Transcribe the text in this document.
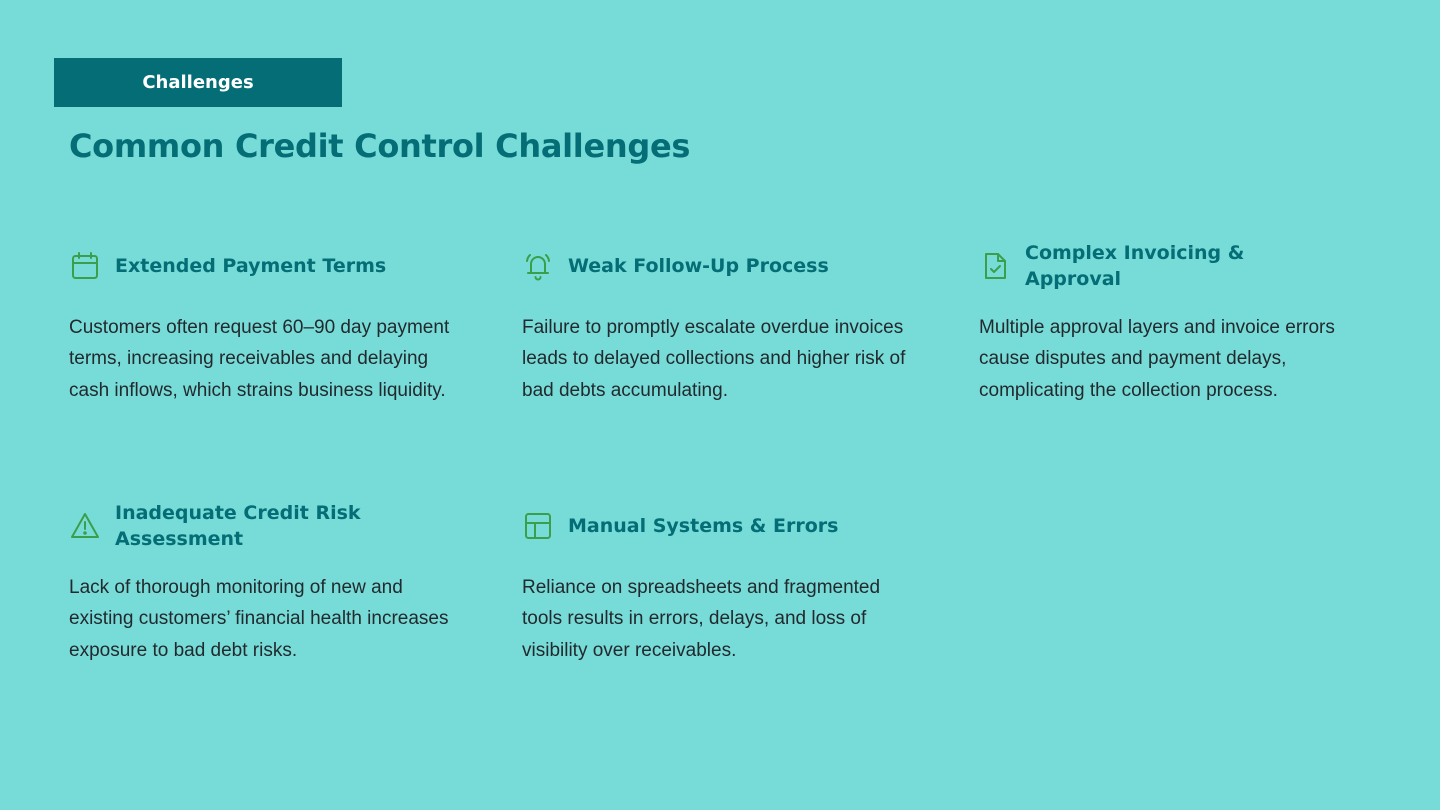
Challenges
Common Credit Control Challenges
Extended Payment Terms
Customers often request 60–90 day payment terms, increasing receivables and delaying cash inflows, which strains business liquidity.
Weak Follow-Up Process
Failure to promptly escalate overdue invoices leads to delayed collections and higher risk of bad debts accumulating.
Complex Invoicing & Approval
Multiple approval layers and invoice errors cause disputes and payment delays, complicating the collection process.
Inadequate Credit Risk Assessment
Lack of thorough monitoring of new and existing customers’ financial health increases exposure to bad debt risks.
Manual Systems & Errors
Reliance on spreadsheets and fragmented tools results in errors, delays, and loss of visibility over receivables.
